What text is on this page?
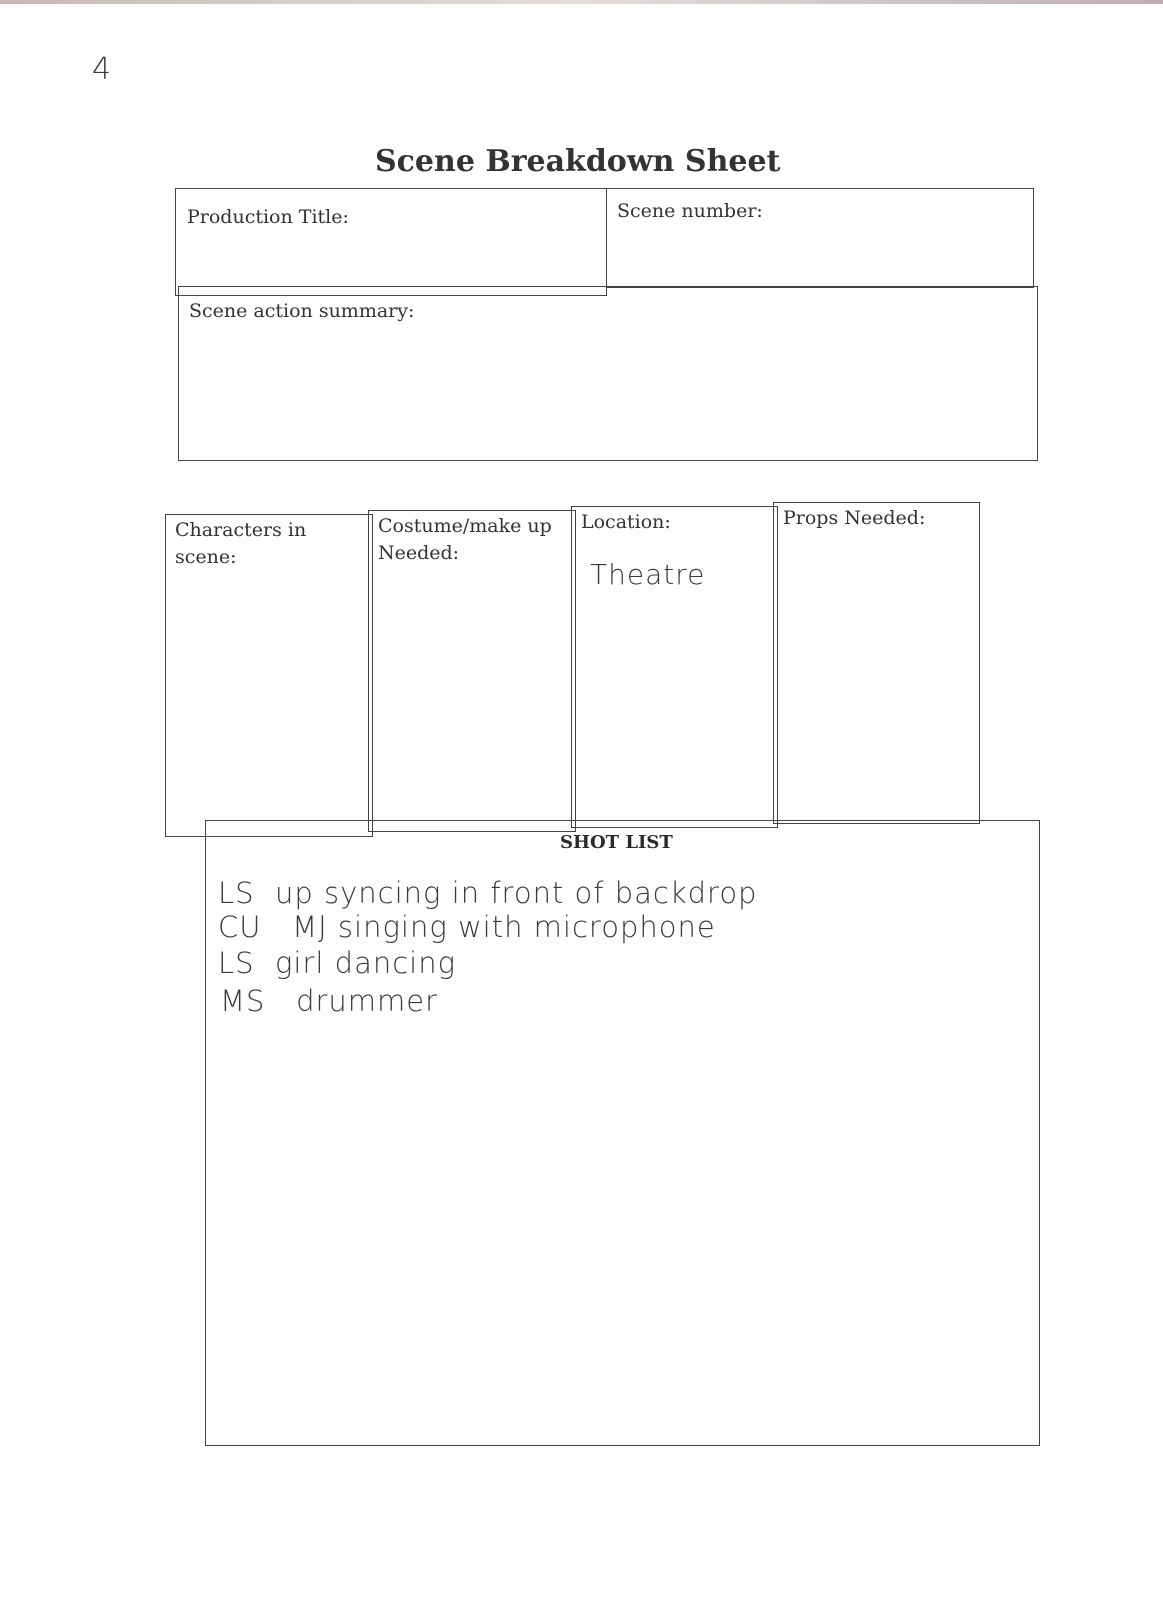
4
Scene Breakdown Sheet
Production Title:	Scene number:
Scene action summary:
Characters in scene:
Costume/make up Needed:
Location:
Theatre
Props Needed:
SHOT LIST
LS up syncing in front of backdrop
CU MJ singing with microphone
LS girl dancing
MS drummer
